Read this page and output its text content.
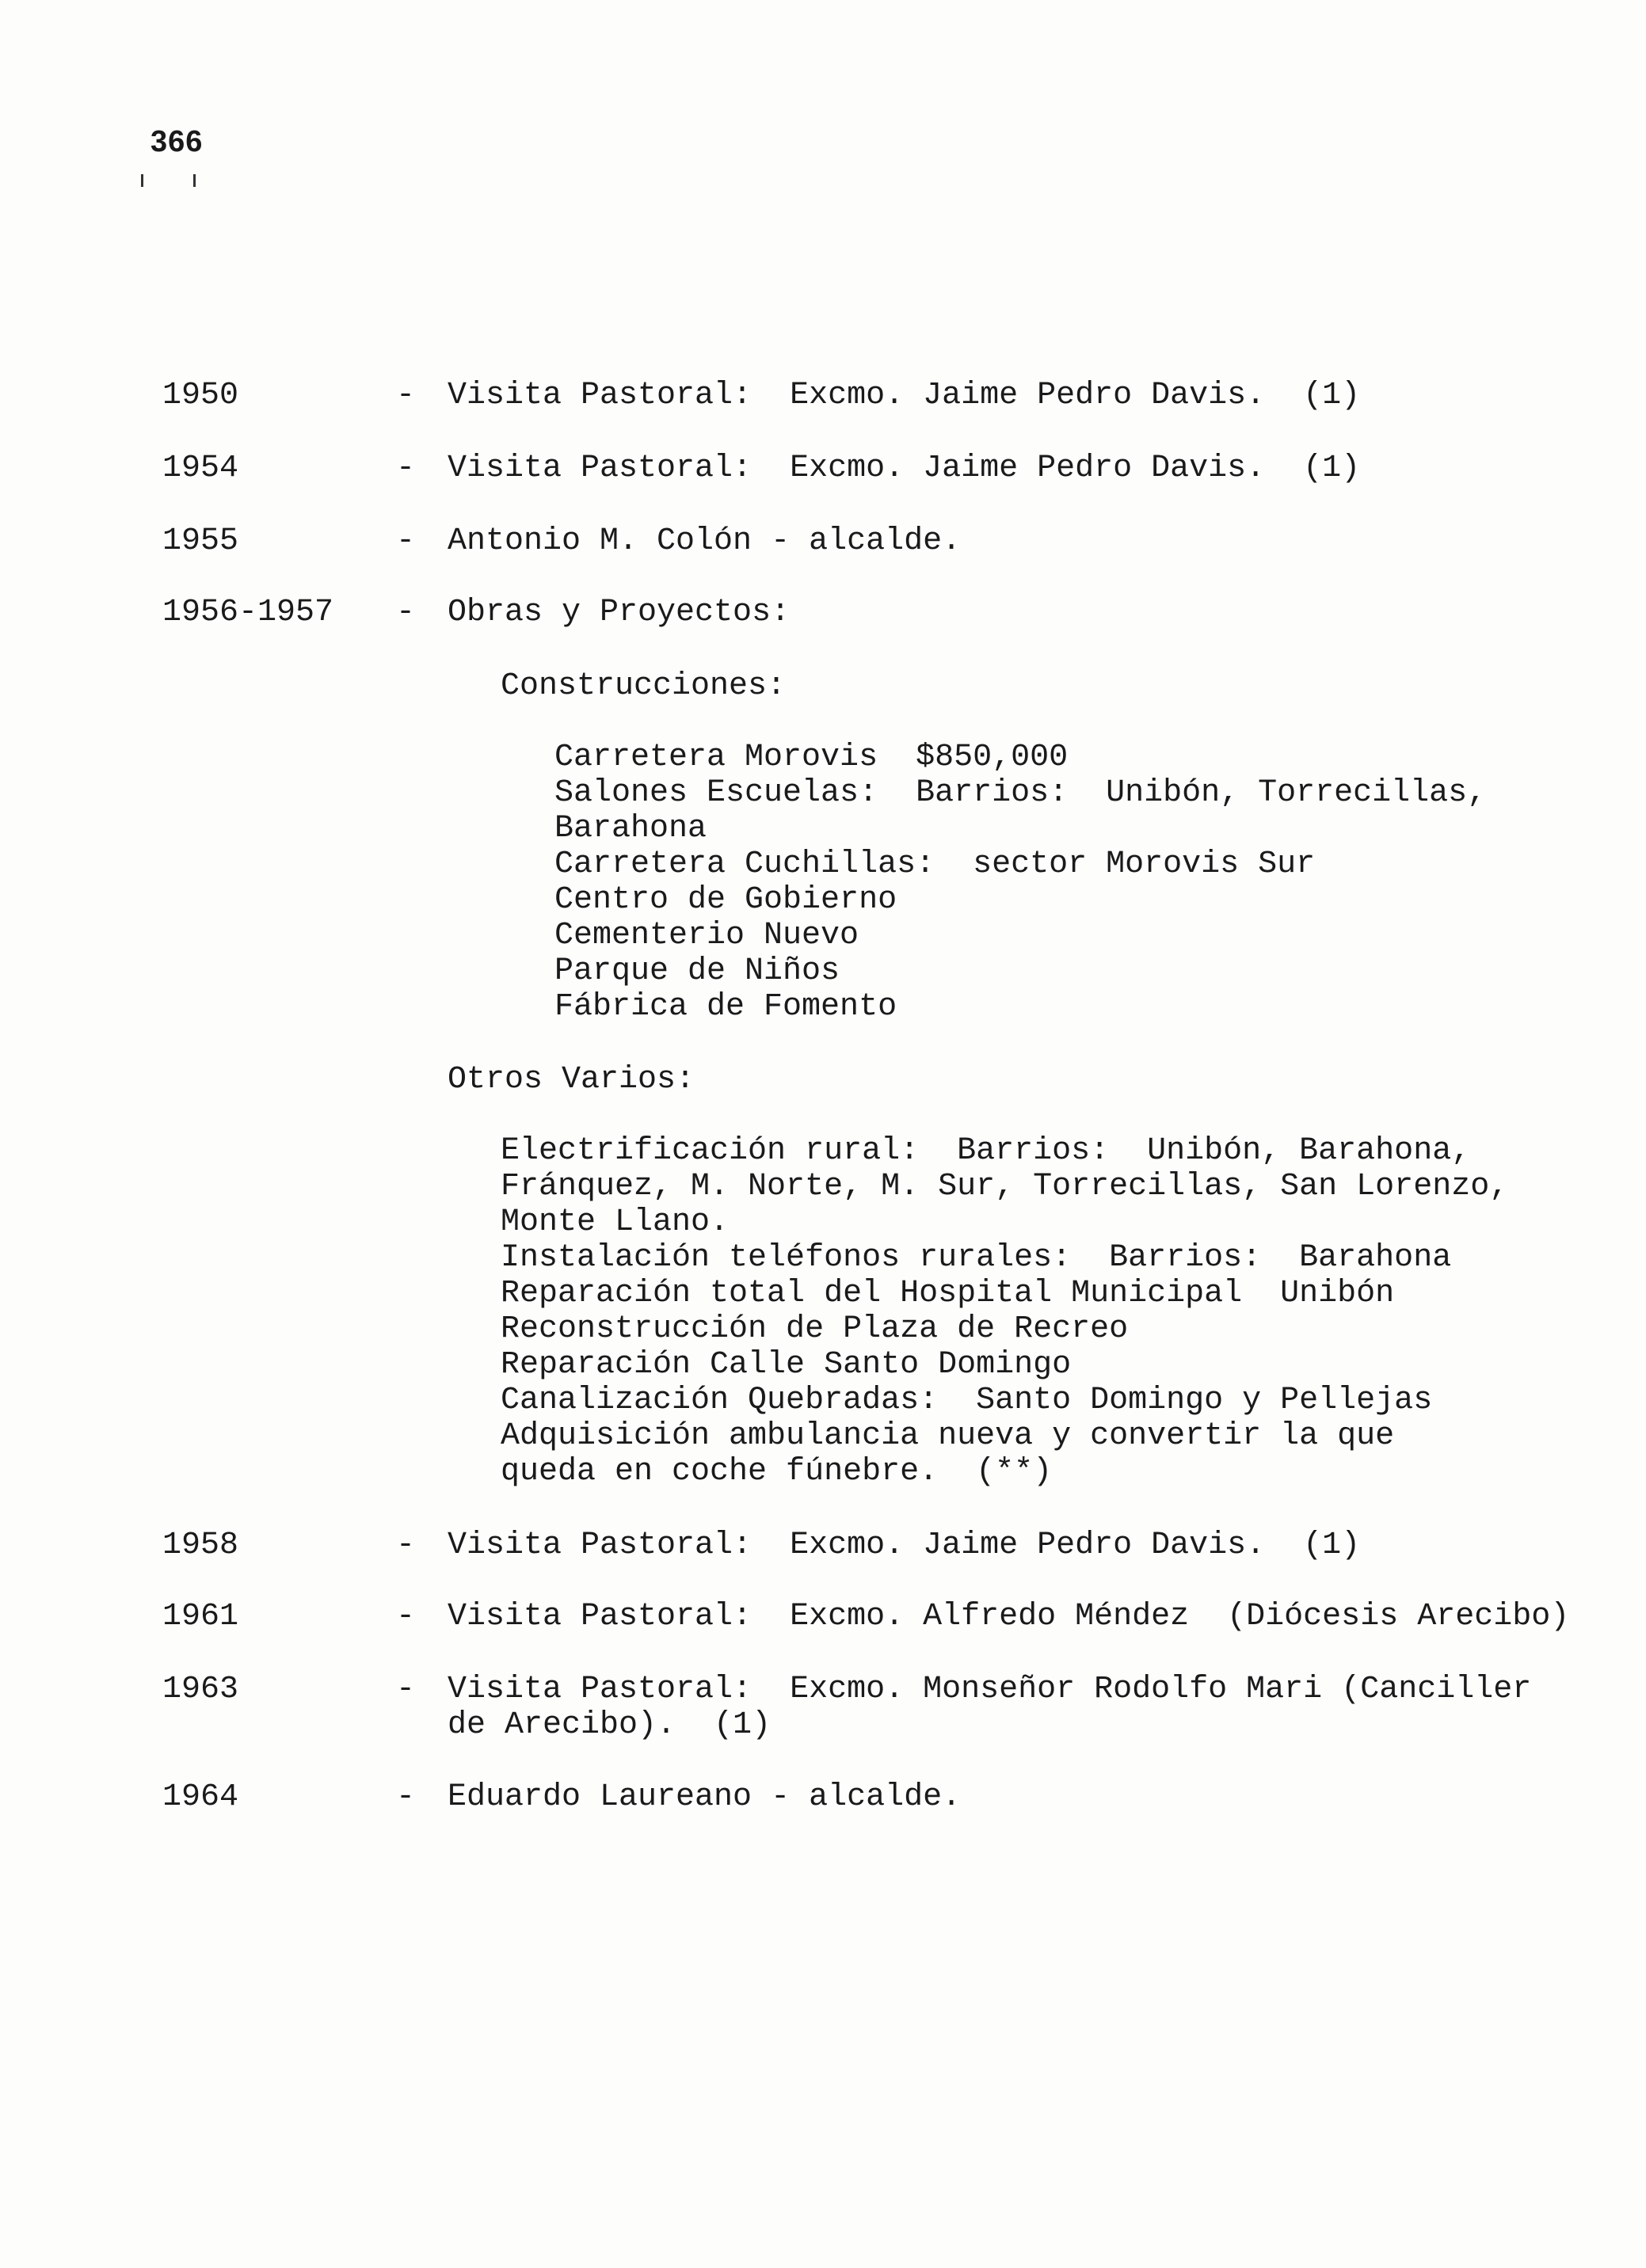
366
1950	- Visita Pastoral:  Excmo. Jaime Pedro Davis.  (1)
1954	- Visita Pastoral:  Excmo. Jaime Pedro Davis.  (1)
1955	- Antonio M. Colón - alcalde.
1956-1957 - Obras y Proyectos:
Construcciones:
Carretera Morovis  $850,000
Salones Escuelas:  Barrios:  Unibón, Torrecillas,
Barahona
Carretera Cuchillas:  sector Morovis Sur
Centro de Gobierno
Cementerio Nuevo
Parque de Niños
Fábrica de Fomento
Otros Varios:
Electrificación rural:  Barrios:  Unibón, Barahona,
Fránquez, M. Norte, M. Sur, Torrecillas, San Lorenzo,
Monte Llano.
Instalación teléfonos rurales:  Barrios:  Barahona
Reparación total del Hospital Municipal  Unibón
Reconstrucción de Plaza de Recreo
Reparación Calle Santo Domingo
Canalización Quebradas:  Santo Domingo y Pellejas
Adquisición ambulancia nueva y convertir la que
queda en coche fúnebre.  (**)
1958	- Visita Pastoral:  Excmo. Jaime Pedro Davis.  (1)
1961	- Visita Pastoral:  Excmo. Alfredo Méndez  (Diócesis Arecibo)
1963	- Visita Pastoral:  Excmo. Monseñor Rodolfo Mari (Canciller
de Arecibo).  (1)
1964	- Eduardo Laureano - alcalde.
